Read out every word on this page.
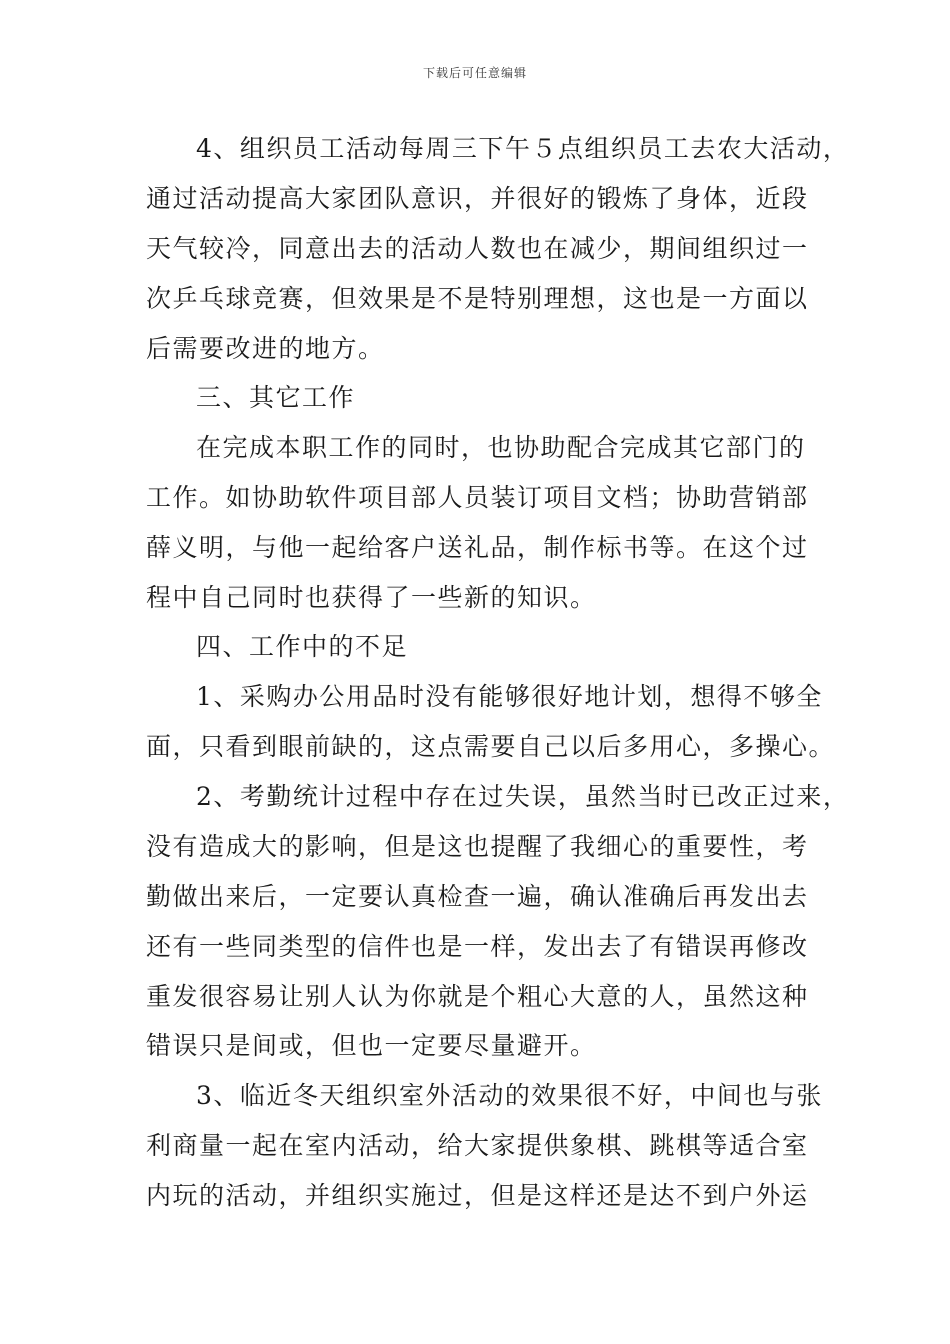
下载后可任意编辑
4、组织员工活动每周三下午５点组织员工去农大活动，
通过活动提高大家团队意识，并很好的锻炼了身体，近段
天气较冷，同意出去的活动人数也在减少，期间组织过一
次乒乓球竞赛，但效果是不是特别理想，这也是一方面以
后需要改进的地方。
三、其它工作
在完成本职工作的同时，也协助配合完成其它部门的
工作。如协助软件项目部人员装订项目文档；协助营销部
薛义明，与他一起给客户送礼品，制作标书等。在这个过
程中自己同时也获得了一些新的知识。
四、工作中的不足
1、采购办公用品时没有能够很好地计划，想得不够全
面，只看到眼前缺的，这点需要自己以后多用心，多操心。
2、考勤统计过程中存在过失误，虽然当时已改正过来，
没有造成大的影响，但是这也提醒了我细心的重要性，考
勤做出来后，一定要认真检查一遍，确认准确后再发出去
还有一些同类型的信件也是一样，发出去了有错误再修改
重发很容易让别人认为你就是个粗心大意的人，虽然这种
错误只是间或，但也一定要尽量避开。
3、临近冬天组织室外活动的效果很不好，中间也与张
利商量一起在室内活动，给大家提供象棋、跳棋等适合室
内玩的活动，并组织实施过，但是这样还是达不到户外运
